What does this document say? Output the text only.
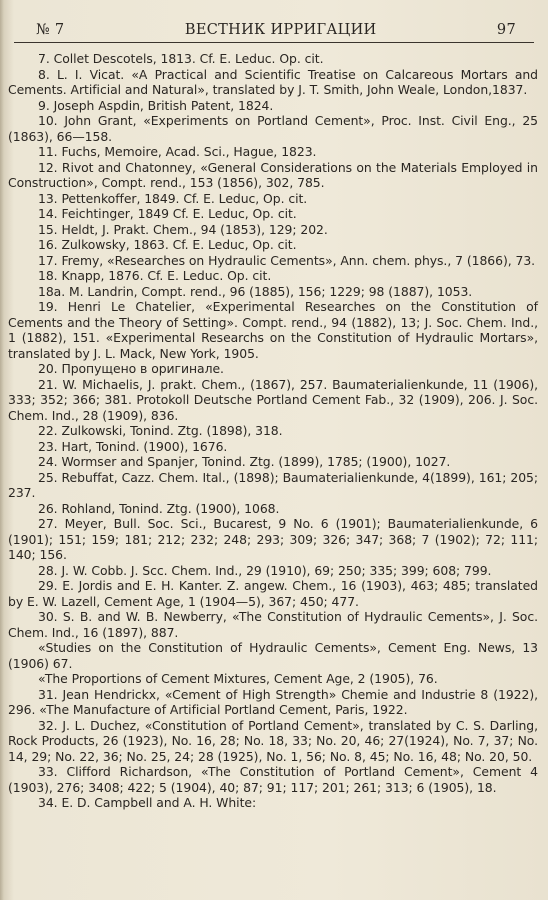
№ 7	ВЕСТНИК ИРРИГАЦИИ	97

7. Collet Descotels, 1813. Cf. E. Leduc. Op. cit.

8. L. I. Vicat. «A Practical and Scientific Treatise on Calcareous Mortars and Cements. Artificial and Natural», translated by J. T. Smith, John Weale, London,1837.

9. Joseph Aspdin, British Patent, 1824.

10. John Grant, «Experiments on Portland Cement», Proc. Inst. Civil Eng., 25 (1863), 66—158.

11. Fuchs, Memoire, Acad. Sci., Hague, 1823.

12. Rivot and Chatonney, «General Considerations on the Materials Employed in Construction», Compt. rend., 153 (1856), 302, 785.

13. Pettenkoffer, 1849. Cf. E. Leduc, Op. cit.

14. Feichtinger, 1849 Cf. E. Leduc, Op. cit.

15. Heldt, J. Prakt. Chem., 94 (1853), 129; 202.

16. Zulkowsky, 1863. Cf. E. Leduc, Op. cit.

17. Fremy, «Researches on Hydraulic Cements», Ann. chem. phys., 7 (1866), 73.

18. Knapp, 1876. Cf. E. Leduc. Op. cit.

18a. M. Landrin, Compt. rend., 96 (1885), 156; 1229; 98 (1887), 1053.

19. Henri Le Chatelier, «Experimental Researches on the Constitution of Cements and the Theory of Setting». Compt. rend., 94 (1882), 13; J. Soc. Chem. Ind., 1 (1882), 151. «Experimental Researchs on the Constitution of Hydraulic Mortars», translated by J. L. Mack, New York, 1905.

20. Пропущено в оригинале.

21. W. Michaelis, J. prakt. Chem., (1867), 257. Baumaterialienkunde, 11 (1906), 333; 352; 366; 381. Protokoll Deutsche Portland Cement Fab., 32 (1909), 206. J. Soc. Chem. Ind., 28 (1909), 836.

22. Zulkowski, Tonind. Ztg. (1898), 318.

23. Hart, Tonind. (1900), 1676.

24. Wormser and Spanjer, Tonind. Ztg. (1899), 1785; (1900), 1027.

25. Rebuffat, Cazz. Chem. Ital., (1898); Baumaterialienkunde, 4(1899), 161; 205; 237.

26. Rohland, Tonind. Ztg. (1900), 1068.

27. Meyer, Bull. Soc. Sci., Bucarest, 9 No. 6 (1901); Baumaterialienkunde, 6 (1901); 151; 159; 181; 212; 232; 248; 293; 309; 326; 347; 368; 7 (1902); 72; 111; 140; 156.

28. J. W. Cobb. J. Scc. Chem. Ind., 29 (1910), 69; 250; 335; 399; 608; 799.

29. E. Jordis and E. H. Kanter. Z. angew. Chem., 16 (1903), 463; 485; translated by E. W. Lazell, Cement Age, 1 (1904—5), 367; 450; 477.

30. S. B. and W. B. Newberry, «The Constitution of Hydraulic Cements», J. Soc. Chem. Ind., 16 (1897), 887.

«Studies on the Constitution of Hydraulic Cements», Cement Eng. News, 13 (1906) 67.

«The Proportions of Cement Mixtures, Cement Age, 2 (1905), 76.

31. Jean Hendrickx, «Cement of High Strength» Chemie and Industrie 8 (1922), 296. «The Manufacture of Artificial Portland Cement, Paris, 1922.

32. J. L. Duchez, «Constitution of Portland Cement», translated by C. S. Darling, Rock Products, 26 (1923), No. 16, 28; No. 18, 33; No. 20, 46; 27(1924), No. 7, 37; No. 14, 29; No. 22, 36; No. 25, 24; 28 (1925), No. 1, 56; No. 8, 45; No. 16, 48; No. 20, 50.

33. Clifford Richardson, «The Constitution of Portland Cement», Cement 4 (1903), 276; 3408; 422; 5 (1904), 40; 87; 91; 117; 201; 261; 313; 6 (1905), 18.

34. E. D. Campbell and A. H. White:
